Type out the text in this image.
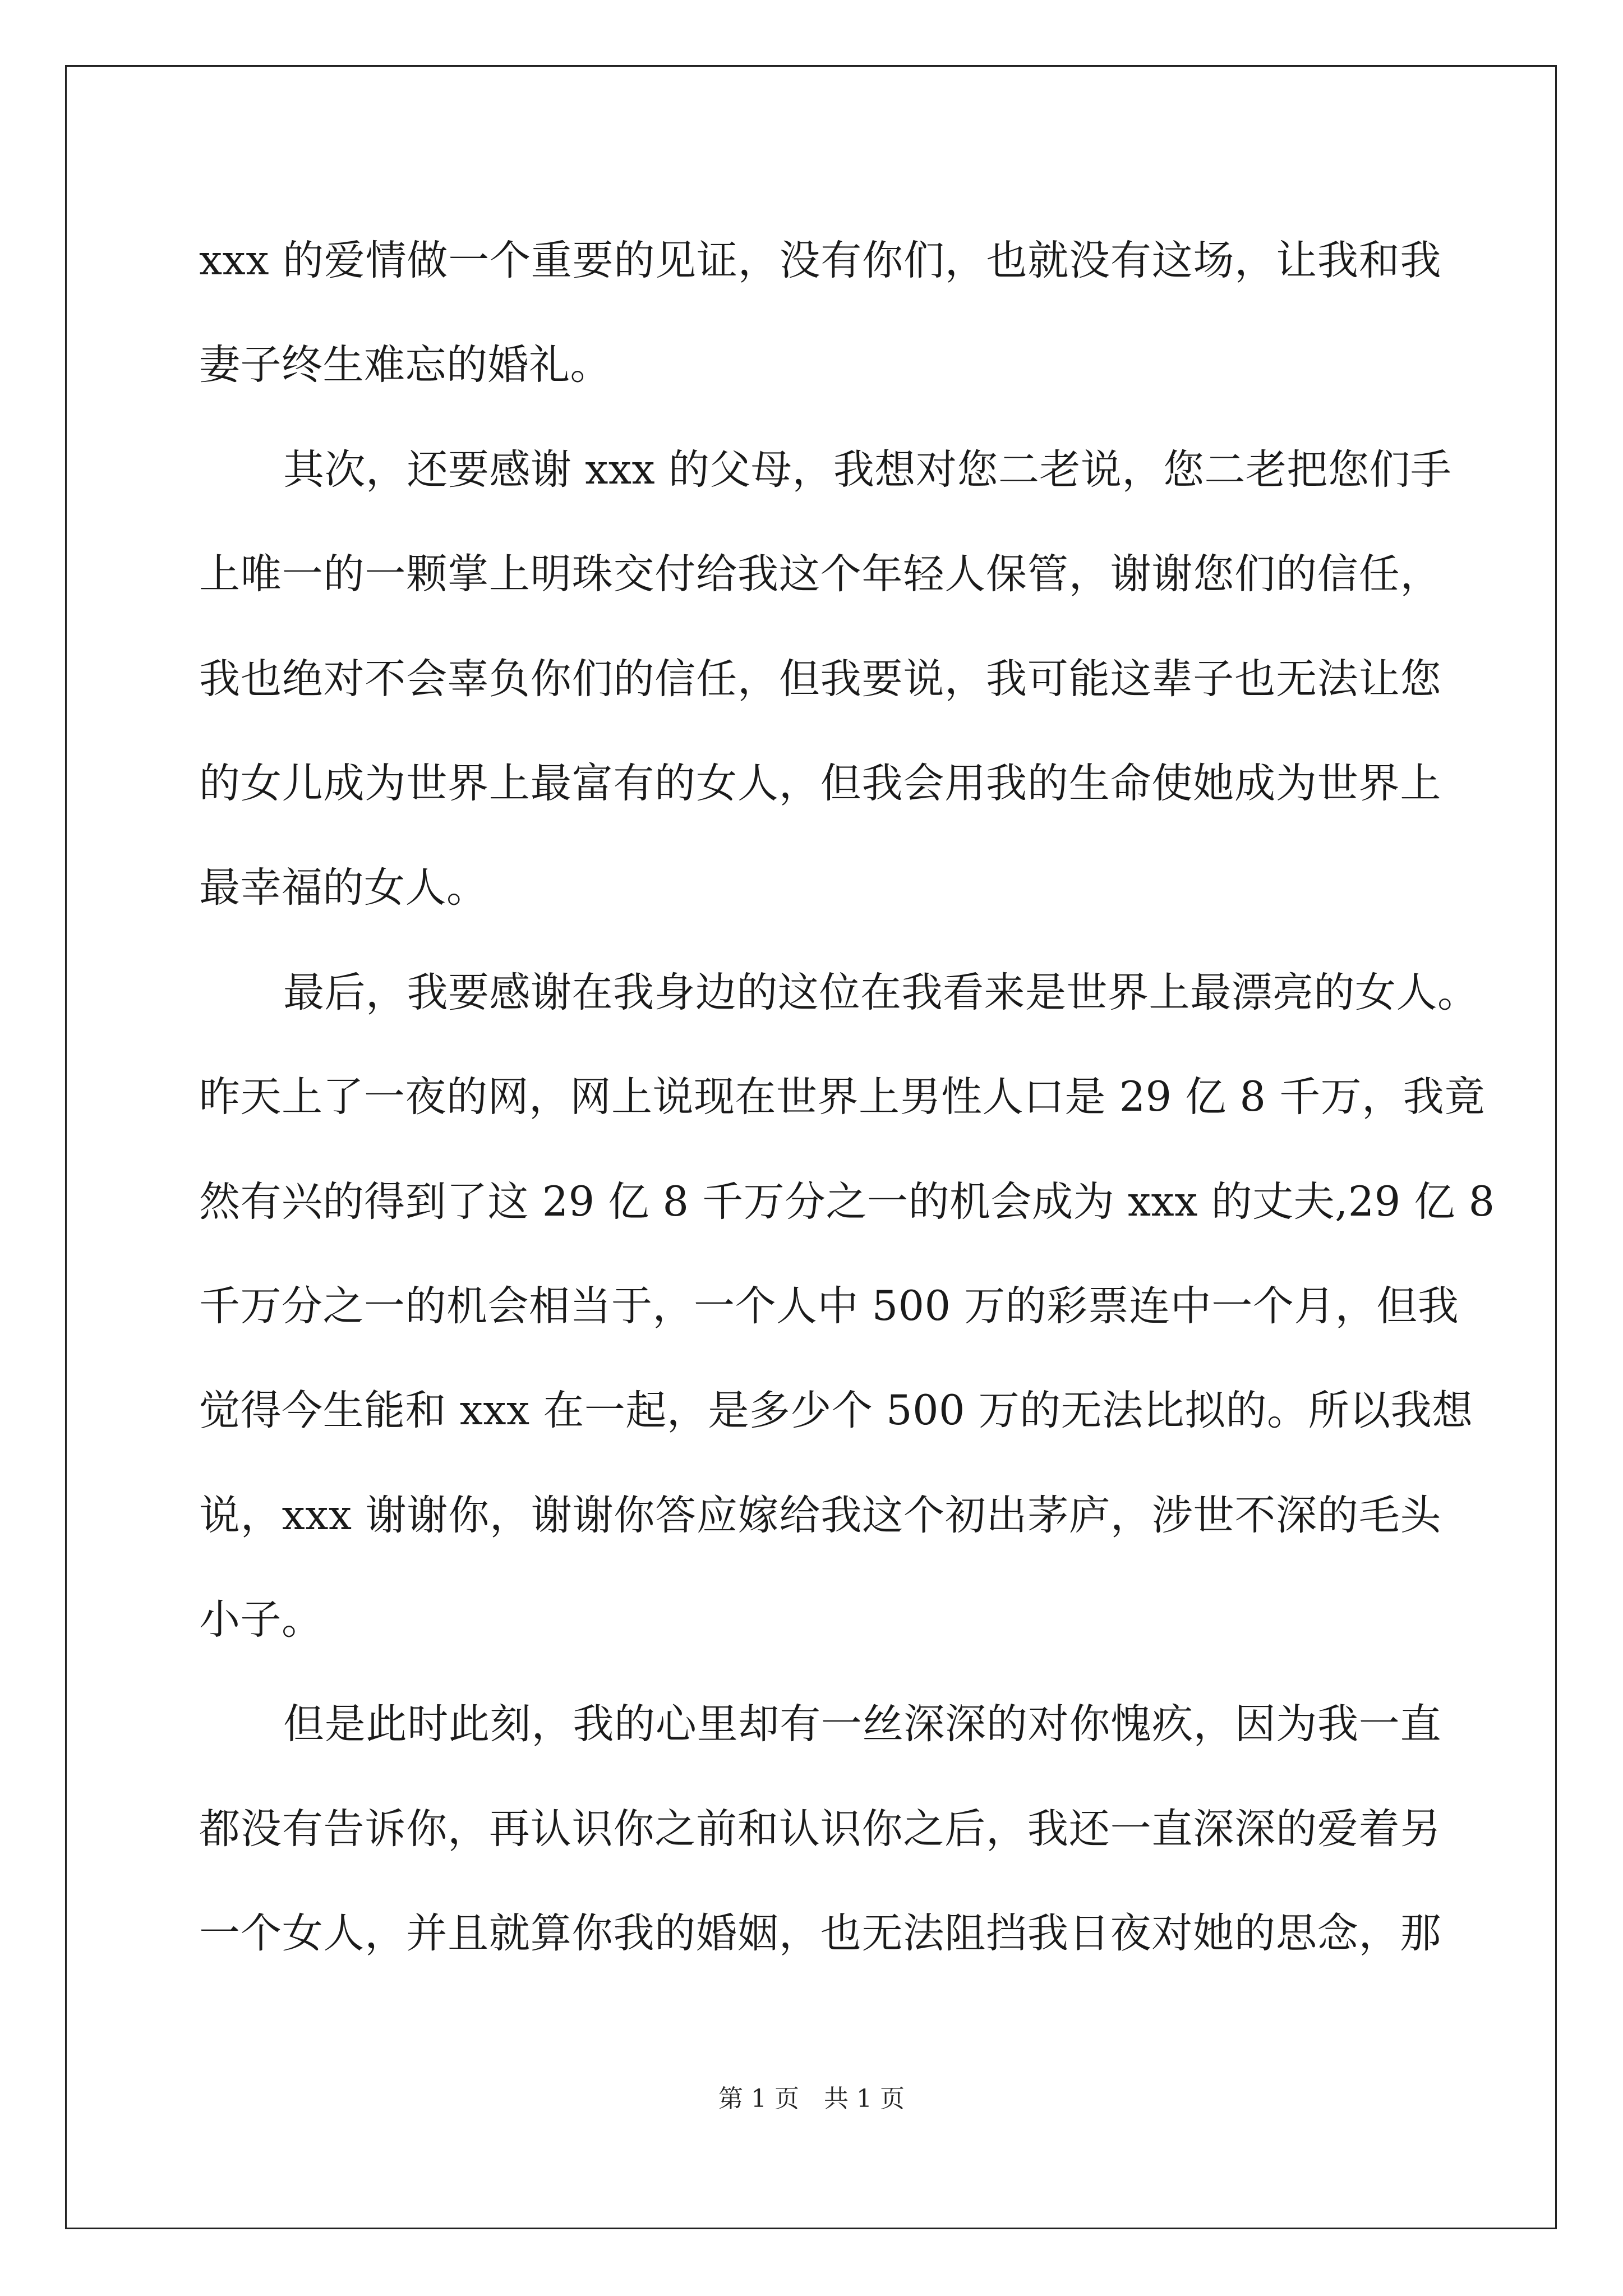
xxx 的爱情做一个重要的见证，没有你们，也就没有这场，让我和我
妻子终生难忘的婚礼。
其次，还要感谢 xxx 的父母，我想对您二老说，您二老把您们手
上唯一的一颗掌上明珠交付给我这个年轻人保管，谢谢您们的信任，
我也绝对不会辜负你们的信任，但我要说，我可能这辈子也无法让您
的女儿成为世界上最富有的女人，但我会用我的生命使她成为世界上
最幸福的女人。
最后，我要感谢在我身边的这位在我看来是世界上最漂亮的女人。
昨天上了一夜的网，网上说现在世界上男性人口是 29 亿 8 千万，我竟
然有兴的得到了这 29 亿 8 千万分之一的机会成为 xxx 的丈夫,29 亿 8
千万分之一的机会相当于，一个人中 500 万的彩票连中一个月，但我
觉得今生能和 xxx 在一起，是多少个 500 万的无法比拟的。所以我想
说，xxx 谢谢你，谢谢你答应嫁给我这个初出茅庐，涉世不深的毛头
小子。
但是此时此刻，我的心里却有一丝深深的对你愧疚，因为我一直
都没有告诉你，再认识你之前和认识你之后，我还一直深深的爱着另
一个女人，并且就算你我的婚姻，也无法阻挡我日夜对她的思念，那
第 1 页　共 1 页
